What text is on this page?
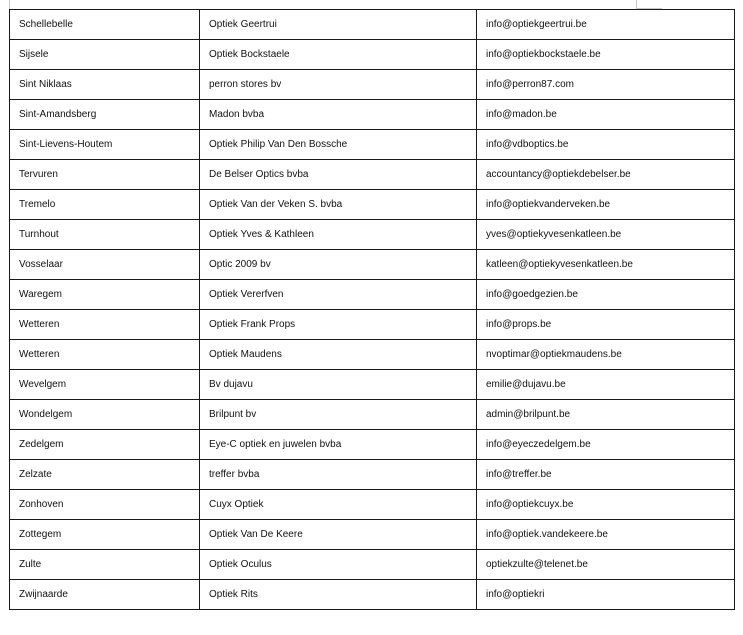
Schellebelle	Optiek Geertrui	info@optiekgeertrui.be
Sijsele	Optiek Bockstaele	info@optiekbockstaele.be
Sint Niklaas	perron stores bv	info@perron87.com
Sint-Amandsberg	Madon bvba	info@madon.be
Sint-Lievens-Houtem	Optiek Philip Van Den Bossche	info@vdboptics.be
Tervuren	De Belser Optics bvba	accountancy@optiekdebelser.be
Tremelo	Optiek Van der Veken S. bvba	info@optiekvanderveken.be
Turnhout	Optiek Yves & Kathleen	yves@optiekyvesenkatleen.be
Vosselaar	Optic 2009 bv	katleen@optiekyvesenkatleen.be
Waregem	Optiek Vererfven	info@goedgezien.be
Wetteren	Optiek Frank Props	info@props.be
Wetteren	Optiek Maudens	nvoptimar@optiekmaudens.be
Wevelgem	Bv dujavu	emilie@dujavu.be
Wondelgem	Brilpunt bv	admin@brilpunt.be
Zedelgem	Eye-C optiek en juwelen bvba	info@eyeczedelgem.be
Zelzate	treffer bvba	info@treffer.be
Zonhoven	Cuyx Optiek	info@optiekcuyx.be
Zottegem	Optiek Van De Keere	info@optiek.vandekeere.be
Zulte	Optiek Oculus	optiekzulte@telenet.be
Zwijnaarde	Optiek Rits	info@optiekri
